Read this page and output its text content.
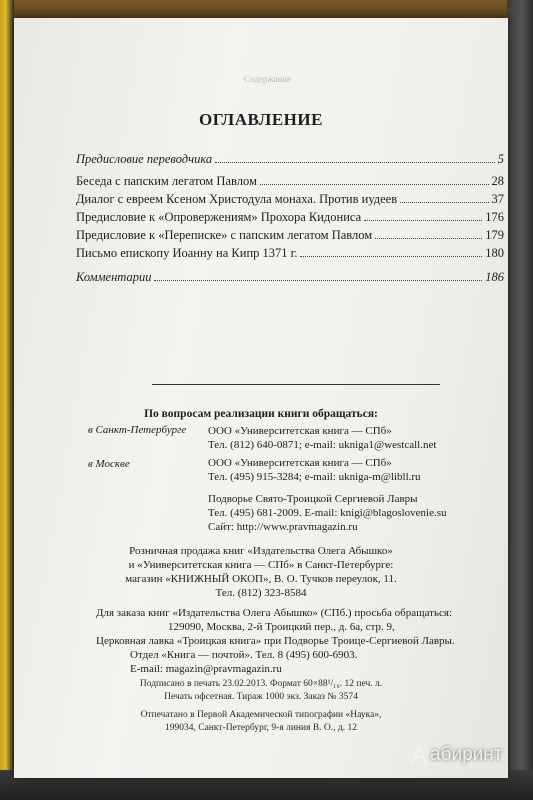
Содержание
ОГЛАВЛЕНИЕ
Предисловие переводчика	5
Беседа с папским легатом Павлом	28
Диалог с евреем Ксеном Христодула монаха. Против иудеев	37
Предисловие к «Опровержениям» Прохора Кидониса	176
Предисловие к «Переписке» с папским легатом Павлом	179
Письмо епископу Иоанну на Кипр 1371 г.	180
Комментарии	186
По вопросам реализации книги обращаться:
в Санкт-Петербурге ООО «Университетская книга — СПб»
Тел. (812) 640-0871; e-mail: ukniga1@westcall.net
в Москве	ООО «Университетская книга — СПб»
Тел. (495) 915-3284; e-mail: ukniga-m@libll.ru
Подворье Свято-Троицкой Сергиевой Лавры
Тел. (495) 681-2009. E-mail: knigi@blagoslovenie.su
Сайт: http://www.pravmagazin.ru
Розничная продажа книг «Издательства Олега Абышко»
и «Университетская книга — СПб» в Санкт-Петербурге:
магазин «КНИЖНЫЙ ОКОП», В. О. Тучков переулок, 11.
Тел. (812) 323-8584
Для заказа книг «Издательства Олега Абышко» (СПб.) просьба обращаться:
129090, Москва, 2-й Троицкий пер., д. 6а, стр. 9,
Церковная лавка «Троицкая книга» при Подворье Троице-Сергиевой Лавры.
Отдел «Книга — почтой». Тел. 8 (495) 600-6903.
E-mail: magazin@pravmagazin.ru
Подписано в печать 23.02.2013. Формат 60×88¹/₁₆. 12 печ. л.
Печать офсетная. Тираж 1000 экз. Заказ № 3574
Отпечатано в Первой Академической типографии «Наука»,
199034, Санкт-Петербург, 9-я линия В. О., д. 12
абиринт
